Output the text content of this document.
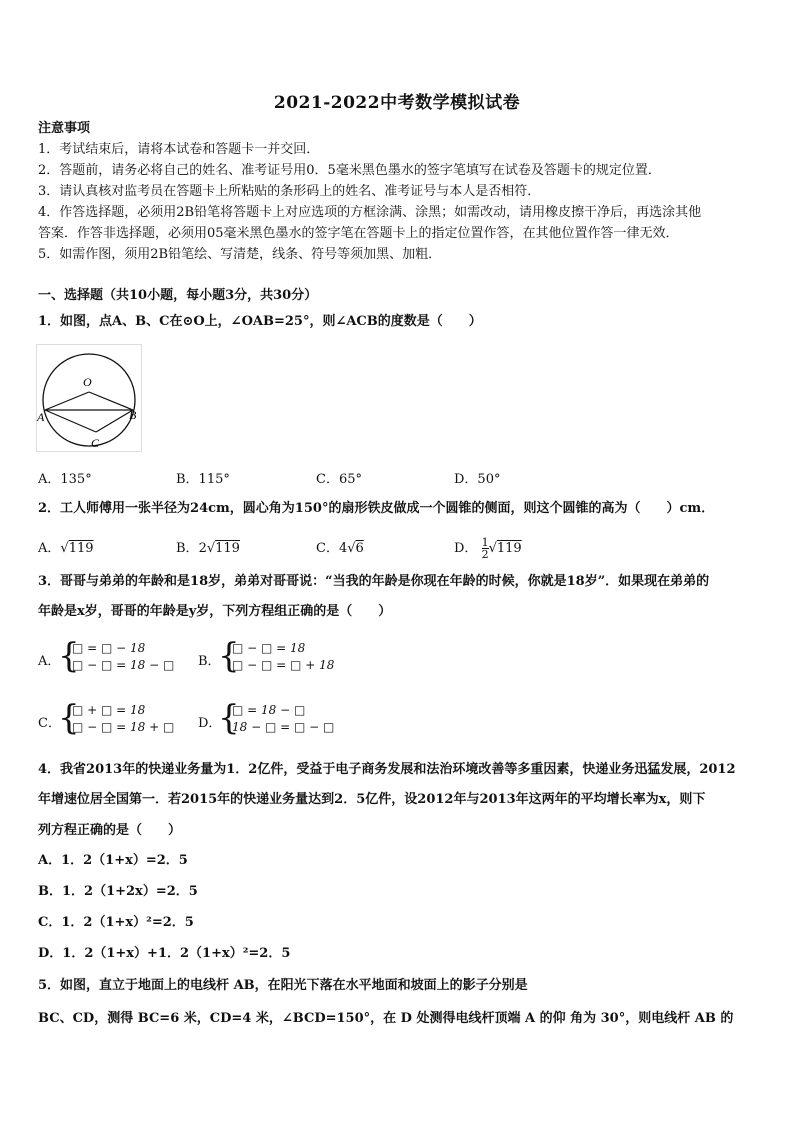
2021-2022中考数学模拟试卷
注意事项
1．考试结束后，请将本试卷和答题卡一并交回．
2．答题前，请务必将自己的姓名、准考证号用0．5毫米黑色墨水的签字笔填写在试卷及答题卡的规定位置．
3．请认真核对监考员在答题卡上所粘贴的条形码上的姓名、准考证号与本人是否相符．
4．作答选择题，必须用2B铅笔将答题卡上对应选项的方框涂满、涂黑；如需改动，请用橡皮擦干净后，再选涂其他
答案．作答非选择题，必须用05毫米黑色墨水的签字笔在答题卡上的指定位置作答，在其他位置作答一律无效．
5．如需作图，须用2B铅笔绘、写清楚，线条、符号等须加黑、加粗．
一、选择题（共10小题，每小题3分，共30分）
1．如图，点A、B、C在⊙O上，∠OAB=25°，则∠ACB的度数是（　　）
O
A	B
C
A．135°	B．115°	C．65°	D．50°
2．工人师傅用一张半径为24cm，圆心角为150°的扇形铁皮做成一个圆锥的侧面，则这个圆锥的高为（　　）cm．
A．√119	B．2√119	C．4√6	D． $\frac{1}{2} √119$
3．哥哥与弟弟的年龄和是18岁，弟弟对哥哥说：“当我的年龄是你现在年龄的时候，你就是18岁”．如果现在弟弟的
年龄是x岁，哥哥的年龄是y岁，下列方程组正确的是（　　）
A．
{
□ = □ − 18
□ − □ = 18 − □ B．
{
□ − □ = 18
□ − □ = □ + 18
C．
{
□ + □ = 18
□ − □ = 18 + □ D．
{
□ = 18 − □
18 − □ = □ − □
4．我省2013年的快递业务量为1．2亿件，受益于电子商务发展和法治环境改善等多重因素，快递业务迅猛发展，2012
年增速位居全国第一．若2015年的快递业务量达到2．5亿件，设2012年与2013年这两年的平均增长率为x，则下
列方程正确的是（　　）
A．1．2（1+x）=2．5
B．1．2（1+2x）=2．5
C．1．2（1+x）²=2．5
D．1．2（1+x）+1．2（1+x）²=2．5
5．如图，直立于地面上的电线杆 AB，在阳光下落在水平地面和坡面上的影子分别是
BC、CD，测得 BC=6 米，CD=4 米，∠BCD=150°，在 D 处测得电线杆顶端 A 的仰 角为 30°，则电线杆 AB 的
